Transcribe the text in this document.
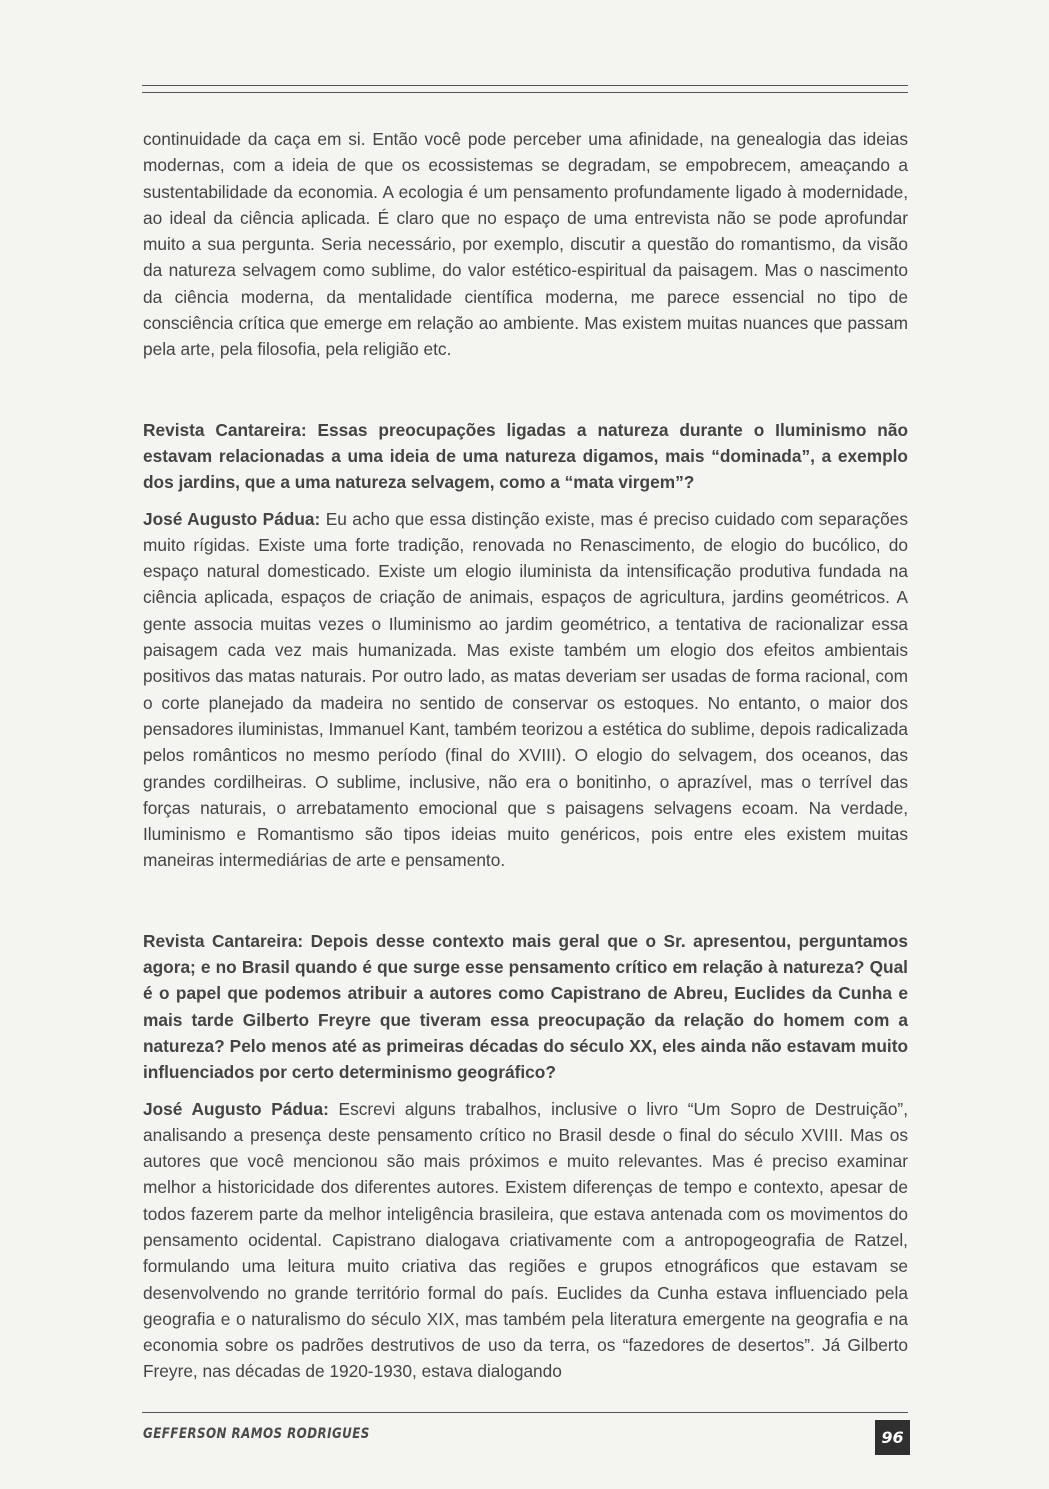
continuidade da caça em si. Então você pode perceber uma afinidade, na genealogia das ideias modernas, com a ideia de que os ecossistemas se degradam, se empobrecem, ameaçando a sustentabilidade da economia. A ecologia é um pensamento profundamente ligado à modernidade, ao ideal da ciência aplicada. É claro que no espaço de uma entrevista não se pode aprofundar muito a sua pergunta. Seria necessário, por exemplo, discutir a questão do romantismo, da visão da natureza selvagem como sublime, do valor estético-espiritual da paisagem. Mas o nascimento da ciência moderna, da mentalidade científica moderna, me parece essencial no tipo de consciência crítica que emerge em relação ao ambiente. Mas existem muitas nuances que passam pela arte, pela filosofia, pela religião etc.

Revista Cantareira: Essas preocupações ligadas a natureza durante o Iluminismo não estavam relacionadas a uma ideia de uma natureza digamos, mais “dominada”, a exemplo dos jardins, que a uma natureza selvagem, como a “mata virgem”?

José Augusto Pádua: Eu acho que essa distinção existe, mas é preciso cuidado com separações muito rígidas. Existe uma forte tradição, renovada no Renascimento, de elogio do bucólico, do espaço natural domesticado. Existe um elogio iluminista da intensificação produtiva fundada na ciência aplicada, espaços de criação de animais, espaços de agricultura, jardins geométricos. A gente associa muitas vezes o Iluminismo ao jardim geométrico, a tentativa de racionalizar essa paisagem cada vez mais humanizada. Mas existe também um elogio dos efeitos ambientais positivos das matas naturais. Por outro lado, as matas deveriam ser usadas de forma racional, com o corte planejado da madeira no sentido de conservar os estoques. No entanto, o maior dos pensadores iluministas, Immanuel Kant, também teorizou a estética do sublime, depois radicalizada pelos românticos no mesmo período (final do XVIII). O elogio do selvagem, dos oceanos, das grandes cordilheiras. O sublime, inclusive, não era o bonitinho, o aprazível, mas o terrível das forças naturais, o arrebatamento emocional que s paisagens selvagens ecoam. Na verdade, Iluminismo e Romantismo são tipos ideias muito genéricos, pois entre eles existem muitas maneiras intermediárias de arte e pensamento.

Revista Cantareira: Depois desse contexto mais geral que o Sr. apresentou, perguntamos agora; e no Brasil quando é que surge esse pensamento crítico em relação à natureza? Qual é o papel que podemos atribuir a autores como Capistrano de Abreu, Euclides da Cunha e mais tarde Gilberto Freyre que tiveram essa preocupação da relação do homem com a natureza? Pelo menos até as primeiras décadas do século XX, eles ainda não estavam muito influenciados por certo determinismo geográfico?

José Augusto Pádua: Escrevi alguns trabalhos, inclusive o livro “Um Sopro de Destruição”, analisando a presença deste pensamento crítico no Brasil desde o final do século XVIII. Mas os autores que você mencionou são mais próximos e muito relevantes. Mas é preciso examinar melhor a historicidade dos diferentes autores. Existem diferenças de tempo e contexto, apesar de todos fazerem parte da melhor inteligência brasileira, que estava antenada com os movimentos do pensamento ocidental. Capistrano dialogava criativamente com a antropogeografia de Ratzel, formulando uma leitura muito criativa das regiões e grupos etnográficos que estavam se desenvolvendo no grande território formal do país. Euclides da Cunha estava influenciado pela geografia e o naturalismo do século XIX, mas também pela literatura emergente na geografia e na economia sobre os padrões destrutivos de uso da terra, os “fazedores de desertos”. Já Gilberto Freyre, nas décadas de 1920-1930, estava dialogando

GEFFERSON RAMOS RODRIGUES	96
